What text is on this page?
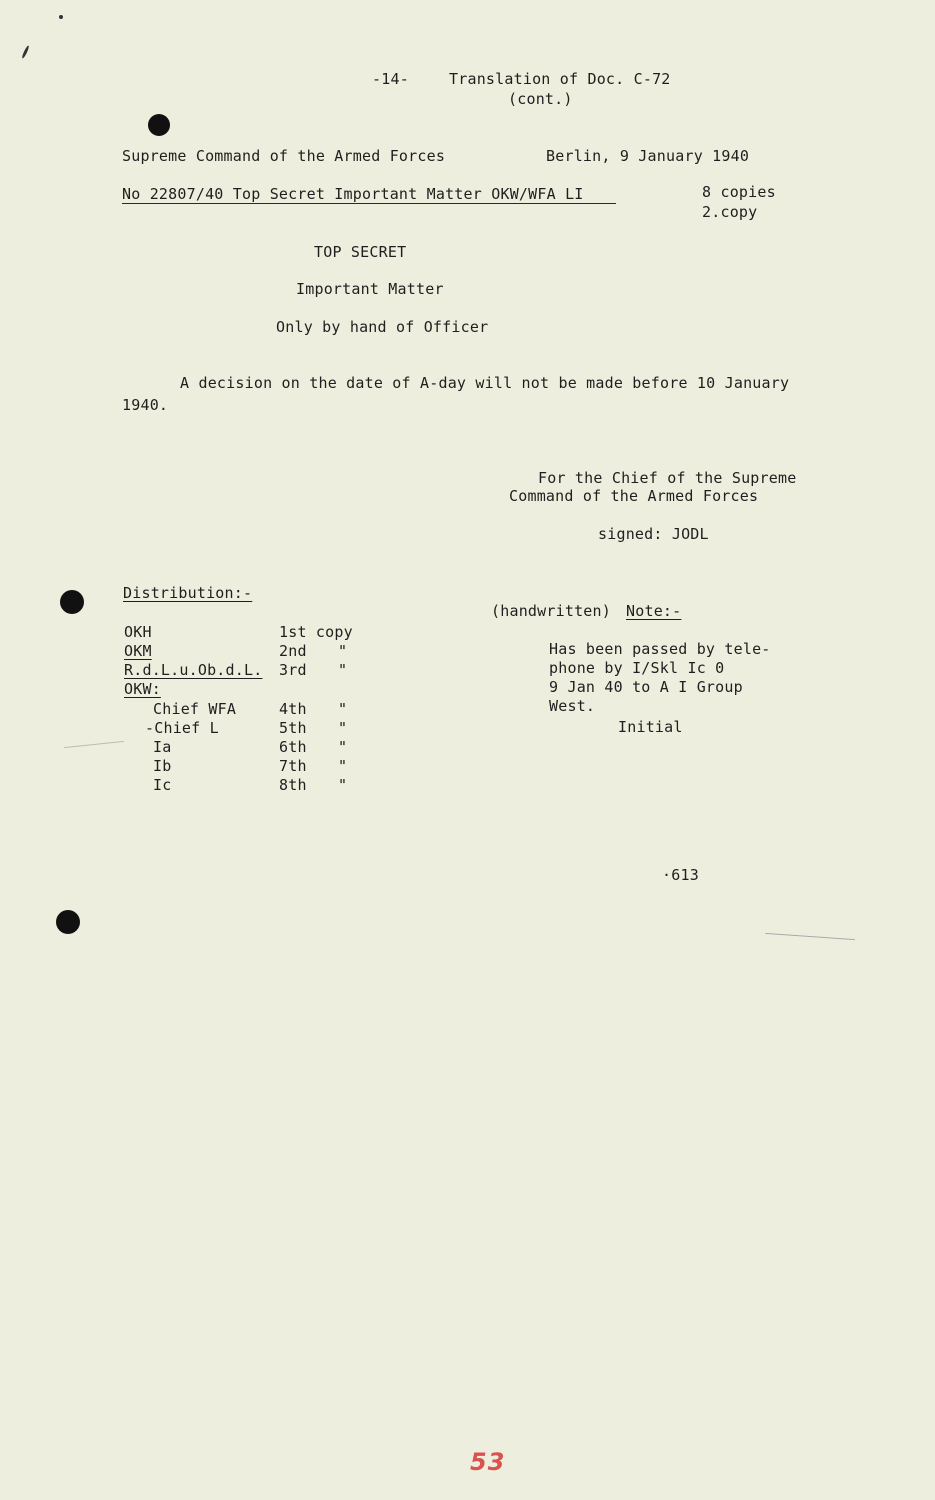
-14-	Translation of Doc. C-72
(cont.)
Supreme Command of the Armed Forces	Berlin, 9 January 1940
No 22807/40 Top Secret Important Matter OKW/WFA LI	8 copies
2.copy
TOP SECRET
Important Matter
Only by hand of Officer
A decision on the date of A-day will not be made before 10 January
1940.
For the Chief of the Supreme
Command of the Armed Forces
signed: JODL
Distribution:-
OKH	1st copy
OKM	2nd "
R.d.L.u.Ob.d.L. 3rd "
OKW:
Chief WFA	4th "
-Chief L	5th "
Ia	6th "
Ib	7th "
Ic	8th "
(handwritten) Note:-
Has been passed by tele-
phone by I/Skl Ic 0
9 Jan 40 to A I Group
West.
Initial
·613
53
